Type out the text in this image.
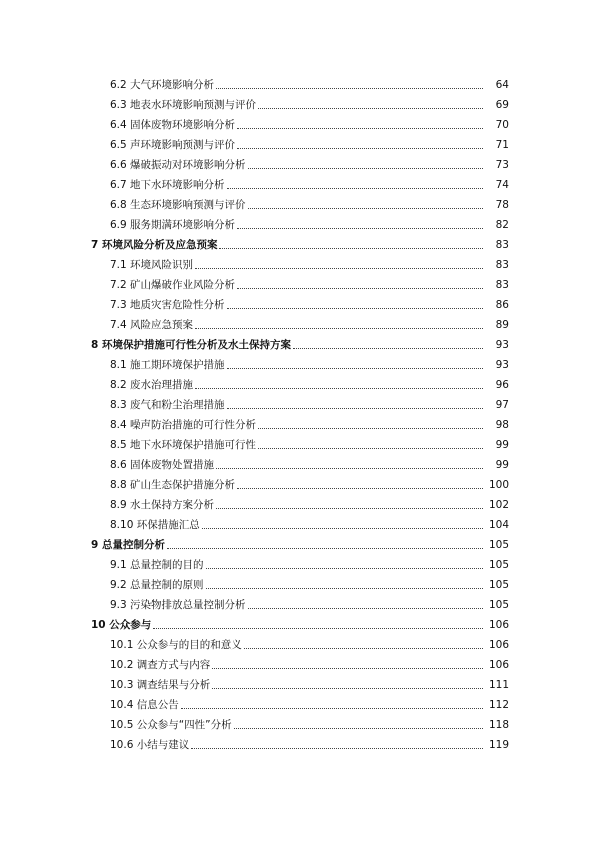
6.2 大气环境影响分析	64
6.3 地表水环境影响预测与评价	69
6.4 固体废物环境影响分析	70
6.5 声环境影响预测与评价	71
6.6 爆破振动对环境影响分析	73
6.7 地下水环境影响分析	74
6.8 生态环境影响预测与评价	78
6.9 服务期满环境影响分析	82
7 环境风险分析及应急预案	83
7.1 环境风险识别	83
7.2 矿山爆破作业风险分析	83
7.3 地质灾害危险性分析	86
7.4 风险应急预案	89
8 环境保护措施可行性分析及水土保持方案	93
8.1 施工期环境保护措施	93
8.2 废水治理措施	96
8.3 废气和粉尘治理措施	97
8.4 噪声防治措施的可行性分析	98
8.5 地下水环境保护措施可行性	99
8.6 固体废物处置措施	99
8.8 矿山生态保护措施分析	100
8.9 水土保持方案分析	102
8.10 环保措施汇总	104
9 总量控制分析	105
9.1 总量控制的目的	105
9.2 总量控制的原则	105
9.3 污染物排放总量控制分析	105
10 公众参与	106
10.1 公众参与的目的和意义	106
10.2 调查方式与内容	106
10.3 调查结果与分析	111
10.4 信息公告	112
10.5 公众参与“四性”分析	118
10.6 小结与建议	119
